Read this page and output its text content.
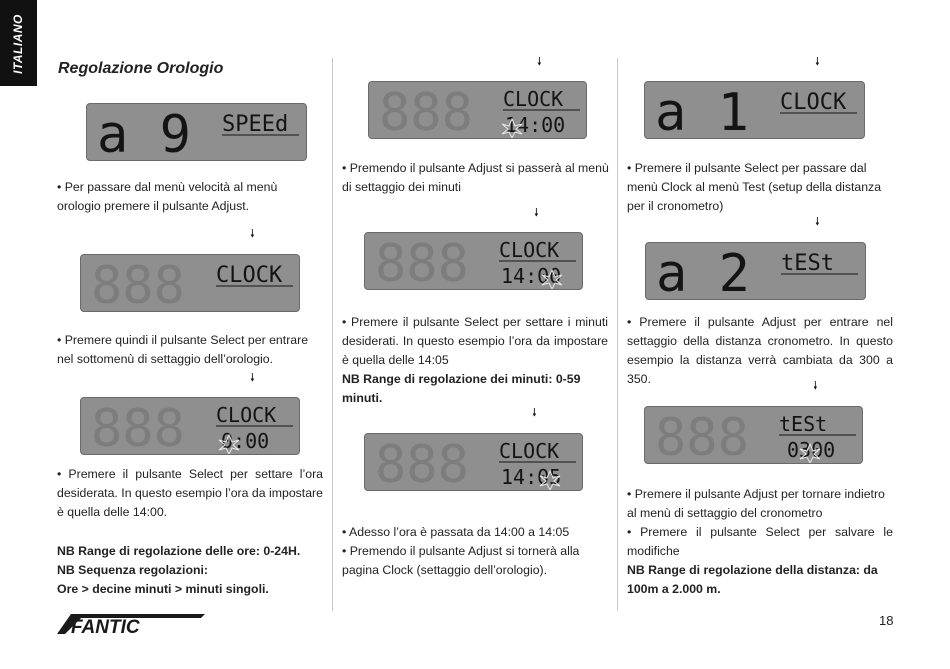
ITALIANO Regolazione Orologio
a 9 SPEEd

• Per passare dal menù velocità al menù orologio premere il pulsante Adjust.

🠗
888 CLOCK

• Premere quindi il pulsante Select per entrare nel sottomenù di settaggio dell’orologio.

🠗
888 CLOCK
0:00

• Premere il pulsante Select per settare l’ora desiderata. In questo esempio l’ora da impostare è quella delle 14:00.

NB Range di regolazione delle ore: 0-24H.

NB Sequenza regolazioni:

Ore > decine minuti > minuti singoli.

🠗
888 CLOCK
14:00

• Premendo il pulsante Adjust si passerà al menù di settaggio dei minuti

🠗
888 CLOCK
14:00

• Premere il pulsante Select per settare i minuti desiderati. In questo esempio l’ora da impostare è quella delle 14:05

NB Range di regolazione dei minuti: 0-59 minuti.

🠗
888 CLOCK
14:05

• Adesso l’ora è passata da 14:00 a 14:05

• Premendo il pulsante Adjust si tornerà alla pagina Clock (settaggio dell’orologio).

🠗
a 1 CLOCK

• Premere il pulsante Select per passare dal menù Clock al menù Test (setup della distanza per il cronometro)

🠗
a 2 tESt

• Premere il pulsante Adjust per entrare nel settaggio della distanza cronometro. In questo esempio la distanza verrà cambiata da 300 a 350.	🠗
888 tESt
0300

• Premere il pulsante Adjust per tornare indietro al menù di settaggio del cronometro

• Premere il pulsante Select per salvare le modifiche

NB Range di regolazione della distanza: da 100m a 2.000 m.

FANTIC	18
